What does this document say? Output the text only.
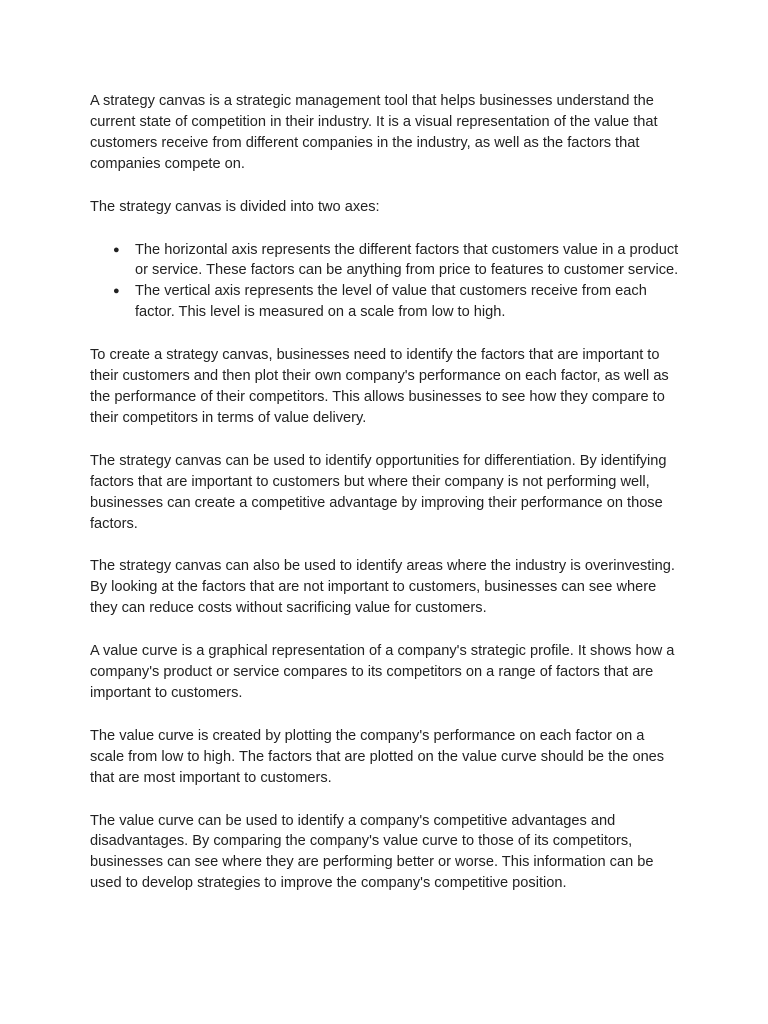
A strategy canvas is a strategic management tool that helps businesses understand the current state of competition in their industry. It is a visual representation of the value that customers receive from different companies in the industry, as well as the factors that companies compete on.

The strategy canvas is divided into two axes:

● The horizontal axis represents the different factors that customers value in a product or service. These factors can be anything from price to features to customer service.
● The vertical axis represents the level of value that customers receive from each factor. This level is measured on a scale from low to high.

To create a strategy canvas, businesses need to identify the factors that are important to their customers and then plot their own company's performance on each factor, as well as the performance of their competitors. This allows businesses to see how they compare to their competitors in terms of value delivery.

The strategy canvas can be used to identify opportunities for differentiation. By identifying factors that are important to customers but where their company is not performing well, businesses can create a competitive advantage by improving their performance on those factors.

The strategy canvas can also be used to identify areas where the industry is overinvesting. By looking at the factors that are not important to customers, businesses can see where they can reduce costs without sacrificing value for customers.

A value curve is a graphical representation of a company's strategic profile. It shows how a company's product or service compares to its competitors on a range of factors that are important to customers.

The value curve is created by plotting the company's performance on each factor on a scale from low to high. The factors that are plotted on the value curve should be the ones that are most important to customers.

The value curve can be used to identify a company's competitive advantages and disadvantages. By comparing the company's value curve to those of its competitors, businesses can see where they are performing better or worse. This information can be used to develop strategies to improve the company's competitive position.
